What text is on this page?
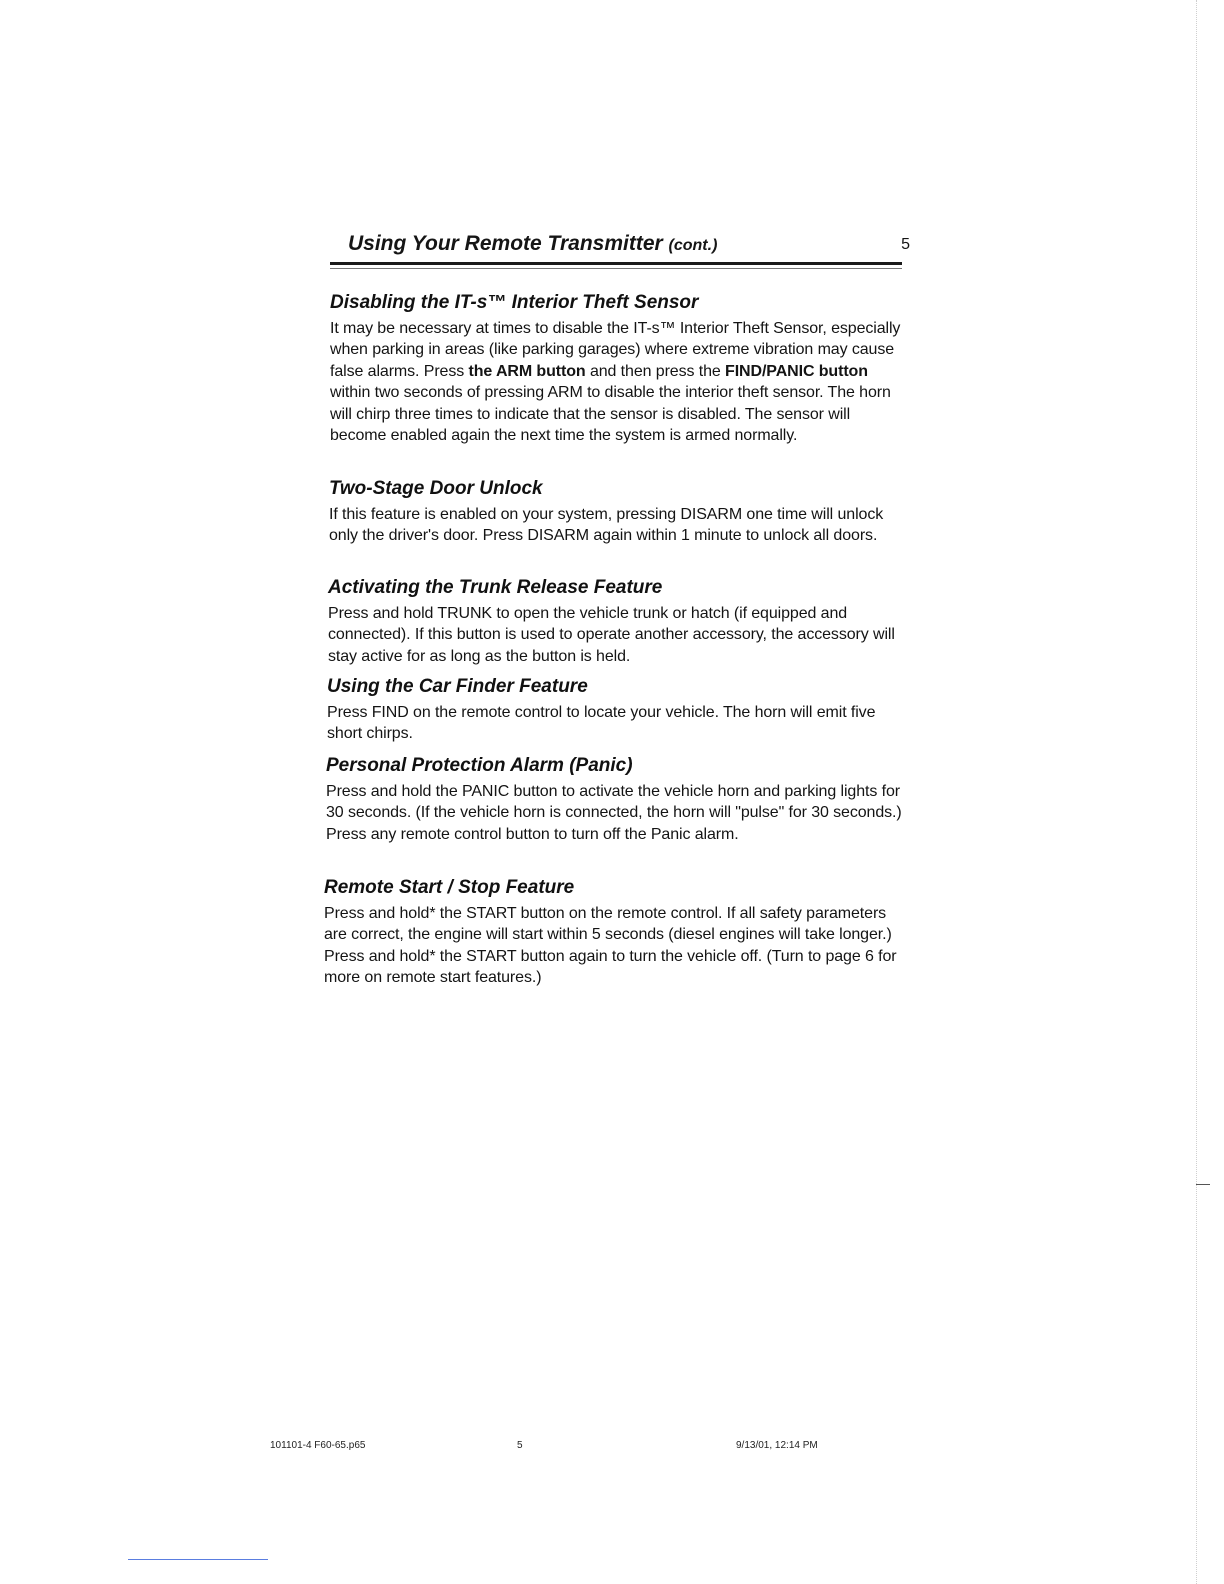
Using Your Remote Transmitter (cont.)	5
Disabling the IT-s™ Interior Theft Sensor

It may be necessary at times to disable the IT-s™ Interior Theft Sensor, especially when parking in areas (like parking garages) where extreme vibration may cause false alarms. Press the ARM button and then press the FIND/PANIC button within two seconds of pressing ARM to disable the interior theft sensor. The horn will chirp three times to indicate that the sensor is disabled. The sensor will become enabled again the next time the system is armed normally.

Two-Stage Door Unlock

If this feature is enabled on your system, pressing DISARM one time will unlock only the driver's door. Press DISARM again within 1 minute to unlock all doors.

Activating the Trunk Release Feature

Press and hold TRUNK to open the vehicle trunk or hatch (if equipped and connected). If this button is used to operate another accessory, the accessory will stay active for as long as the button is held.

Using the Car Finder Feature

Press FIND on the remote control to locate your vehicle. The horn will emit five short chirps.

Personal Protection Alarm (Panic)

Press and hold the PANIC button to activate the vehicle horn and parking lights for 30 seconds. (If the vehicle horn is connected, the horn will "pulse" for 30 seconds.) Press any remote control button to turn off the Panic alarm.

Remote Start / Stop Feature

Press and hold* the START button on the remote control. If all safety parameters are correct, the engine will start within 5 seconds (diesel engines will take longer.) Press and hold* the START button again to turn the vehicle off. (Turn to page 6 for more on remote start features.)

101101-4 F60-65.p65	5	9/13/01, 12:14 PM
